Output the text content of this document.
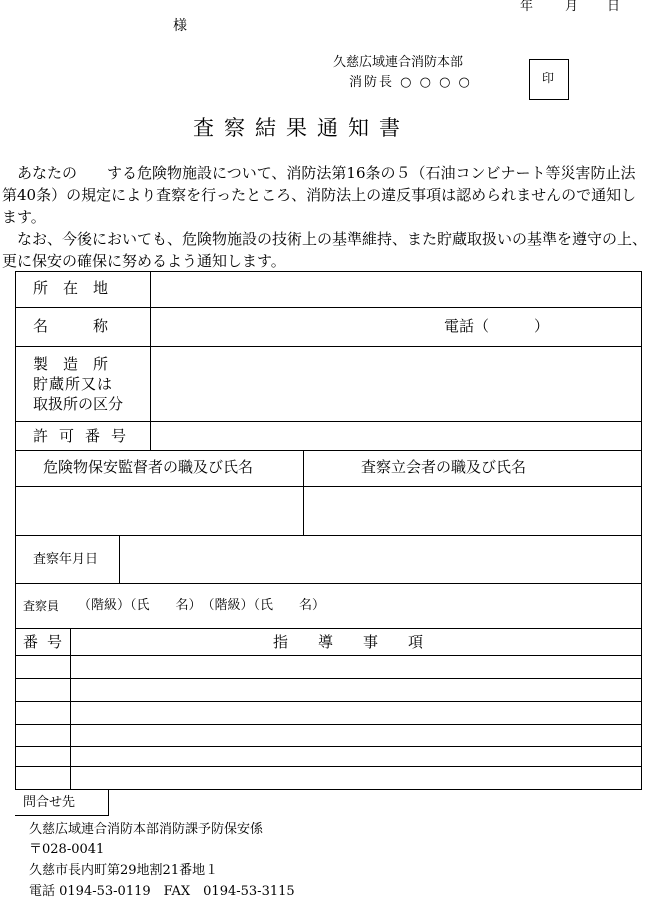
年 月 日
様
久慈広域連合消防本部
消防長 ○ ○ ○ ○	印
査察結果通知書

　あなたの　　する危険物施設について、消防法第16条の５（石油コンビナート等災害防止法第40条）の規定により査察を行ったところ、消防法上の違反事項は認められませんので通知します。

　なお、今後においても、危険物施設の技術上の基準維持、また貯蔵取扱いの基準を遵守の上、更に保安の確保に努めるよう通知します。

所　在　地
名　　　称	電話（　　　）
製　造　所
貯蔵所又は
取扱所の区分
許可番号
危険物保安監督者の職及び氏名	査察立会者の職及び氏名
査察年月日
査察員 （階級）（氏　　名）　（階級）（氏　　名）
番号	指　　導　　事　　項
問合せ先
久慈広域連合消防本部消防課予防保安係
〒028-0041
久慈市長内町第29地割21番地１
電話 0194-53-0119　FAX　0194-53-3115
